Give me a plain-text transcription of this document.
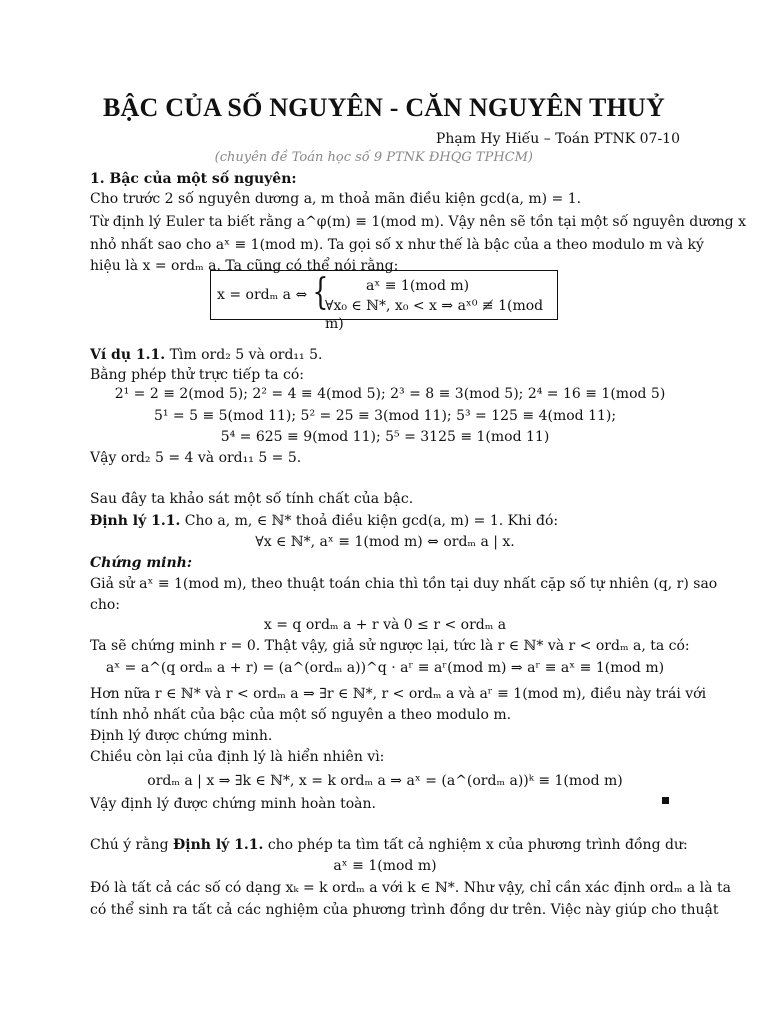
BẬC CỦA SỐ NGUYÊN - CĂN NGUYÊN THUỶ
Phạm Hy Hiếu – Toán PTNK 07-10
(chuyên đề Toán học số 9 PTNK ĐHQG TPHCM)
1. Bậc của một số nguyên:
Cho trước 2 số nguyên dương a, m thoả mãn điều kiện gcd(a, m) = 1.
Từ định lý Euler ta biết rằng a^φ(m) ≡ 1(mod m). Vậy nên sẽ tồn tại một số nguyên dương x
nhỏ nhất sao cho aˣ ≡ 1(mod m). Ta gọi số x như thế là bậc của a theo modulo m và ký
hiệu là x = ordₘ a. Ta cũng có thể nói rằng:
x = ordₘ a ⇔ {	aˣ ≡ 1(mod m)
∀x₀ ∈ ℕ*, x₀ < x ⇒ aˣ⁰ ≢ 1(mod m)
Ví dụ 1.1. Tìm ord₂ 5 và ord₁₁ 5.
Bằng phép thử trực tiếp ta có:
2¹ = 2 ≡ 2(mod 5); 2² = 4 ≡ 4(mod 5); 2³ = 8 ≡ 3(mod 5); 2⁴ = 16 ≡ 1(mod 5)
5¹ = 5 ≡ 5(mod 11); 5² = 25 ≡ 3(mod 11); 5³ = 125 ≡ 4(mod 11);
5⁴ = 625 ≡ 9(mod 11); 5⁵ = 3125 ≡ 1(mod 11)
Vậy ord₂ 5 = 4 và ord₁₁ 5 = 5.
Sau đây ta khảo sát một số tính chất của bậc.
Định lý 1.1. Cho a, m, ∈ ℕ* thoả điều kiện gcd(a, m) = 1. Khi đó:
∀x ∈ ℕ*, aˣ ≡ 1(mod m) ⇔ ordₘ a | x.
Chứng minh:
Giả sử aˣ ≡ 1(mod m), theo thuật toán chia thì tồn tại duy nhất cặp số tự nhiên (q, r) sao
cho:
x = q ordₘ a + r và 0 ≤ r < ordₘ a
Ta sẽ chứng minh r = 0. Thật vậy, giả sử ngược lại, tức là r ∈ ℕ* và r < ordₘ a, ta có:
aˣ = a^(q ordₘ a + r) = (a^(ordₘ a))^q · aʳ ≡ aʳ(mod m) ⇒ aʳ ≡ aˣ ≡ 1(mod m)
Hơn nữa r ∈ ℕ* và r < ordₘ a ⇒ ∃r ∈ ℕ*, r < ordₘ a và aʳ ≡ 1(mod m), điều này trái với
tính nhỏ nhất của bậc của một số nguyên a theo modulo m.
Định lý được chứng minh.
Chiều còn lại của định lý là hiển nhiên vì:
ordₘ a | x ⇒ ∃k ∈ ℕ*, x = k ordₘ a ⇒ aˣ = (a^(ordₘ a))ᵏ ≡ 1(mod m)
Vậy định lý được chứng minh hoàn toàn.
Chú ý rằng Định lý 1.1. cho phép ta tìm tất cả nghiệm x của phương trình đồng dư:
aˣ ≡ 1(mod m)
Đó là tất cả các số có dạng xₖ = k ordₘ a với k ∈ ℕ*. Như vậy, chỉ cần xác định ordₘ a là ta
có thể sinh ra tất cả các nghiệm của phương trình đồng dư trên. Việc này giúp cho thuật
